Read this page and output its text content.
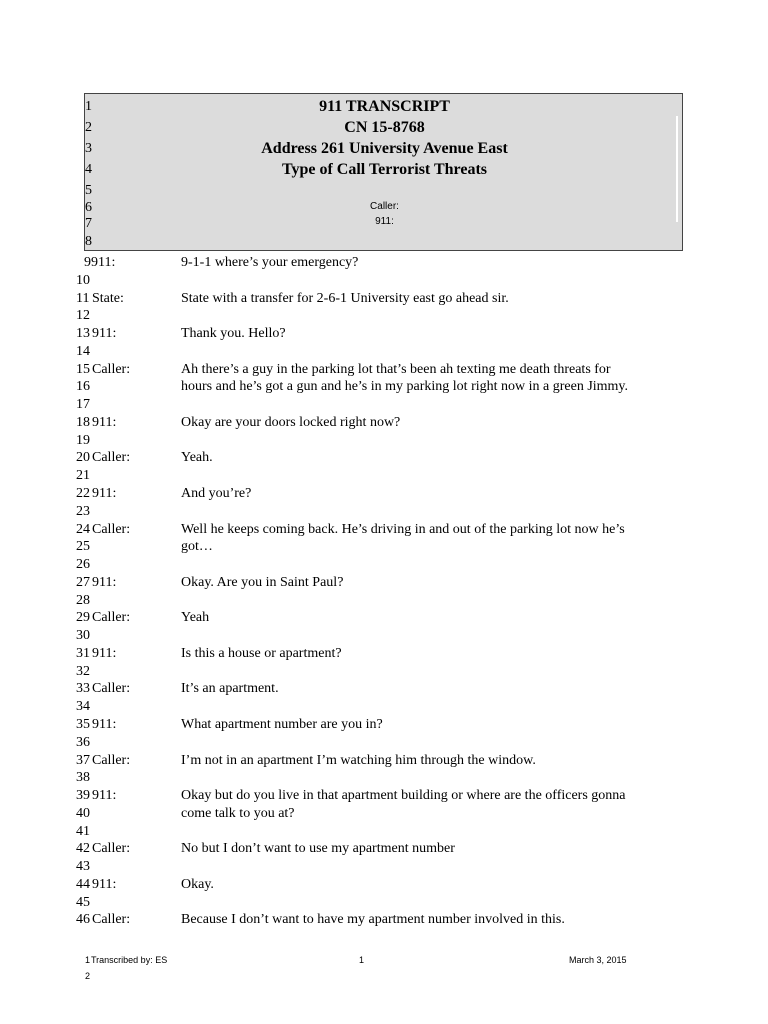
1
2
3
4
5
6
7
8
911 TRANSCRIPT
CN 15-8768
Address 261 University Avenue East
Type of Call Terrorist Threats
Caller:
911:
9 911:	9-1-1 where’s your emergency?
10
11 State:	State with a transfer for 2-6-1 University east go ahead sir.
12
13 911:	Thank you. Hello?
14
15 Caller:	Ah there’s a guy in the parking lot that’s been ah texting me death threats for
16	hours and he’s got a gun and he’s in my parking lot right now in a green Jimmy.
17
18 911:	Okay are your doors locked right now?
19
20 Caller:	Yeah.
21
22 911:	And you’re?
23
24 Caller:	Well he keeps coming back. He’s driving in and out of the parking lot now he’s
25	got…
26
27 911:	Okay. Are you in Saint Paul?
28
29 Caller:	Yeah
30
31 911:	Is this a house or apartment?
32
33 Caller:	It’s an apartment.
34
35 911:	What apartment number are you in?
36
37 Caller:	I’m not in an apartment I’m watching him through the window.
38
39 911:	Okay but do you live in that apartment building or where are the officers gonna
40	come talk to you at?
41
42 Caller:	No but I don’t want to use my apartment number
43
44 911:	Okay.
45
46 Caller:	Because I don’t want to have my apartment number involved in this.
1 Transcribed by: ES	1	March 3, 2015
2
